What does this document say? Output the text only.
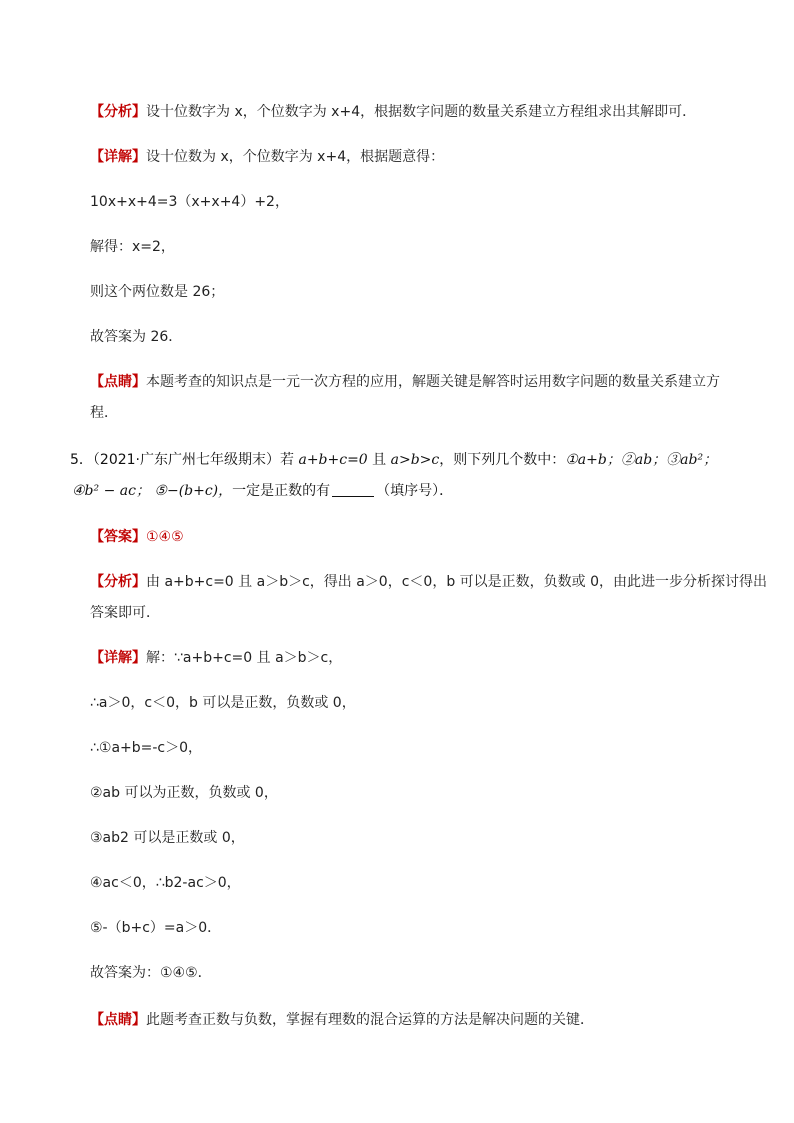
【分析】设十位数字为 x，个位数字为 x+4，根据数字问题的数量关系建立方程组求出其解即可．
【详解】设十位数为 x，个位数字为 x+4，根据题意得：
10x+x+4=3（x+x+4）+2，
解得：x=2，
则这个两位数是 26；
故答案为 26．
【点睛】本题考查的知识点是一元一次方程的应用，解题关键是解答时运用数字问题的数量关系建立方
程．
5．（2021·广东广州七年级期末）若 a+b+c=0 且 a>b>c，则下列几个数中：①a+b；②ab；③ab²；
④b² − ac； ⑤−(b+c)，一定是正数的有	（填序号）．
【答案】①④⑤
【分析】由 a+b+c=0 且 a＞b＞c，得出 a＞0，c＜0，b 可以是正数，负数或 0，由此进一步分析探讨得出
答案即可．
【详解】解：∵a+b+c=0 且 a＞b＞c，
∴a＞0，c＜0，b 可以是正数，负数或 0，
∴①a+b=-c＞0，
②ab 可以为正数，负数或 0，
③ab2 可以是正数或 0，
④ac＜0，∴b2-ac＞0，
⑤-（b+c）=a＞0．
故答案为：①④⑤．
【点睛】此题考查正数与负数，掌握有理数的混合运算的方法是解决问题的关键．
